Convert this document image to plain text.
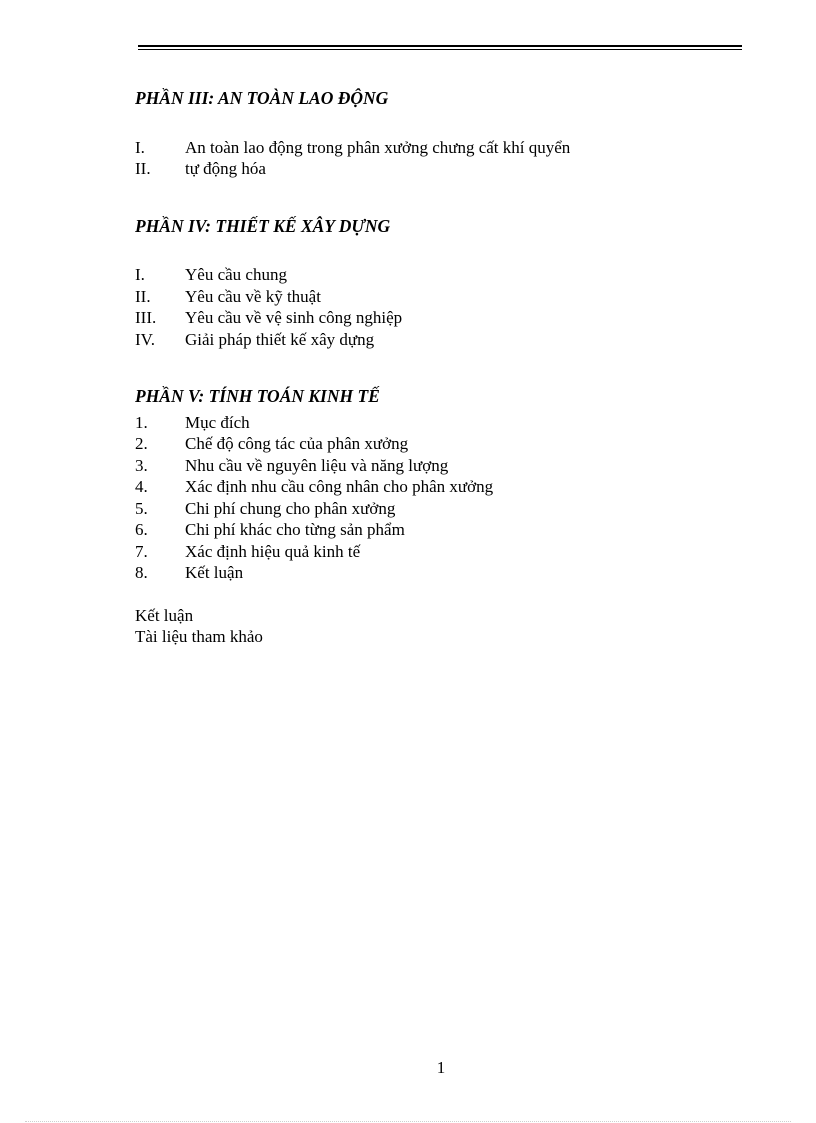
PHẦN III: AN TOÀN LAO ĐỘNG

I.	An toàn lao động trong phân xưởng chưng cất khí quyển
II.	tự động hóa

PHẦN IV: THIẾT KẾ XÂY DỰNG

I.	Yêu cầu chung
II.	Yêu cầu về kỹ thuật
III.	Yêu cầu về vệ sinh công nghiệp
IV.	Giải pháp thiết kế xây dựng

PHẦN V: TÍNH TOÁN KINH TẾ

1.	Mục đích
2.	Chế độ công tác của phân xưởng
3.	Nhu cầu về nguyên liệu và năng lượng
4.	Xác định nhu cầu công nhân cho phân xưởng
5.	Chi phí chung cho phân xưởng
6.	Chi phí khác cho từng sản phẩm
7.	Xác định hiệu quả kinh tế
8.	Kết luận
Kết luận
Tài liệu tham khảo
1
